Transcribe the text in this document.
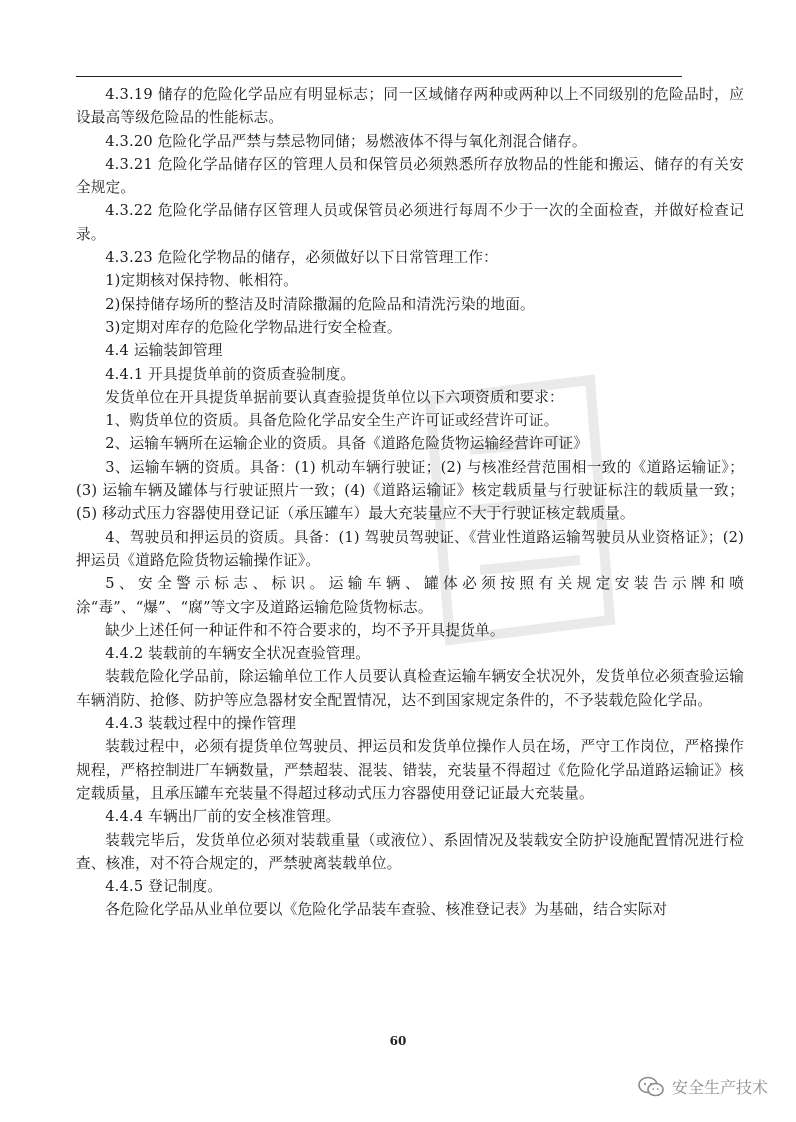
4.3.19 储存的危险化学品应有明显标志；同一区域储存两种或两种以上不同级别的危险品时，应设最高等级危险品的性能标志。

4.3.20 危险化学品严禁与禁忌物同储；易燃液体不得与氧化剂混合储存。

4.3.21 危险化学品储存区的管理人员和保管员必须熟悉所存放物品的性能和搬运、储存的有关安全规定。

4.3.22 危险化学品储存区管理人员或保管员必须进行每周不少于一次的全面检查，并做好检查记录。

4.3.23 危险化学物品的储存，必须做好以下日常管理工作：

1)定期核对保持物、帐相符。

2)保持储存场所的整洁及时清除撒漏的危险品和清洗污染的地面。

3)定期对库存的危险化学物品进行安全检查。

4.4 运输装卸管理

4.4.1 开具提货单前的资质查验制度。

发货单位在开具提货单据前要认真查验提货单位以下六项资质和要求：

1、购货单位的资质。具备危险化学品安全生产许可证或经营许可证。

2、运输车辆所在运输企业的资质。具备《道路危险货物运输经营许可证》

3、运输车辆的资质。具备：(1) 机动车辆行驶证；(2) 与核准经营范围相一致的《道路运输证》；(3) 运输车辆及罐体与行驶证照片一致；(4)《道路运输证》核定载质量与行驶证标注的载质量一致；(5) 移动式压力容器使用登记证（承压罐车）最大充装量应不大于行驶证核定载质量。

4、驾驶员和押运员的资质。具备：(1) 驾驶员驾驶证、《营业性道路运输驾驶员从业资格证》；(2) 押运员《道路危险货物运输操作证》。

5、安全警示标志、标识。运输车辆、罐体必须按照有关规定安装告示牌和喷涂“毒”、“爆”、“腐”等文字及道路运输危险货物标志。

缺少上述任何一种证件和不符合要求的，均不予开具提货单。

4.4.2 装载前的车辆安全状况查验管理。

装载危险化学品前，除运输单位工作人员要认真检查运输车辆安全状况外，发货单位必须查验运输车辆消防、抢修、防护等应急器材安全配置情况，达不到国家规定条件的，不予装载危险化学品。

4.4.3 装载过程中的操作管理

装载过程中，必须有提货单位驾驶员、押运员和发货单位操作人员在场，严守工作岗位，严格操作规程，严格控制进厂车辆数量，严禁超装、混装、错装，充装量不得超过《危险化学品道路运输证》核定载质量，且承压罐车充装量不得超过移动式压力容器使用登记证最大充装量。

4.4.4 车辆出厂前的安全核准管理。

装载完毕后，发货单位必须对装载重量（或液位）、系固情况及装载安全防护设施配置情况进行检查、核准，对不符合规定的，严禁驶离装载单位。

4.4.5 登记制度。

各危险化学品从业单位要以《危险化学品装车查验、核准登记表》为基础，结合实际对

60
安全生产技术
